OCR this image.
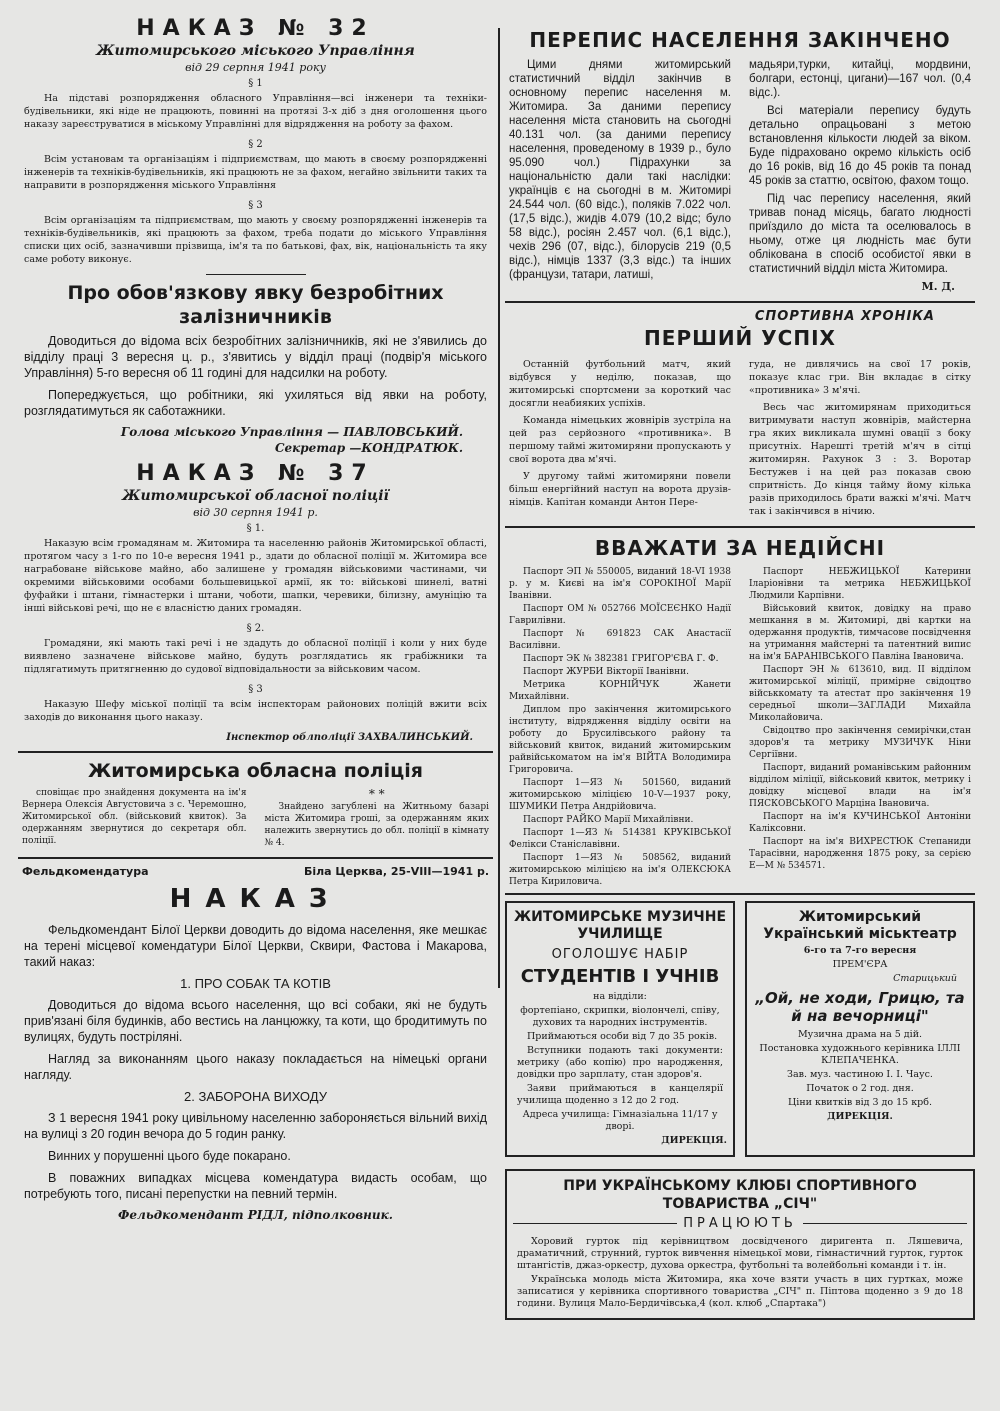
НАКАЗ № 32
Житомирського міського Управління
від 29 серпня 1941 року
§ 1

На підставі розпорядження обласного Управління—всі інженери та техніки-будівельники, які ніде не працюють, повинні на протязі 3-х діб з дня оголошення цього наказу зареєструватися в міському Управлінні для відрядження на роботу за фахом.

§ 2

Всім установам та організаціям і підприємствам, що мають в своєму розпорядженні інженерів та техніків-будівельників, які працюють не за фахом, негайно звільнити таких та направити в розпорядження міського Управління

§ 3

Всім організаціям та підприємствам, що мають у своєму розпорядженні інженерів та техніків-будівельників, які працюють за фахом, треба подати до міського Управління списки цих осіб, зазначивши прізвища, ім'я та по батькові, фах, вік, національність та яку саме роботу виконує.

Про обов'язкову явку безробітних залізничників

Доводиться до відома всіх безробітних залізничників, які не з'явились до відділу праці 3 вересня ц. р., з'явитись у відділ праці (подвір'я міського Управління) 5-го вересня об 11 годині для надсилки на роботу.

Попереджується, що робітники, які ухиляться від явки на роботу, розглядатимуться як саботажники.

Голова міського Управління — ПАВЛОВСЬКИЙ.
Секретар —КОНДРАТЮК.
НАКАЗ № 37
Житомирської обласної поліції
від 30 серпня 1941 р.
§ 1.

Наказую всім громадянам м. Житомира та населенню районів Житомирської області, протягом часу з 1-го по 10-е вересня 1941 р., здати до обласної поліції м. Житомира все награбоване військове майно, або залишене у громадян військовими частинами, чи окремими військовими особами большевицької армії, як то: військові шинелі, ватні фуфайки і штани, гімнастерки і штани, чоботи, шапки, черевики, білизну, амуніцію та інші військові речі, що не є власністю даних громадян.

§ 2.

Громадяни, які мають такі речі і не здадуть до обласної поліції і коли у них буде виявлено зазначене військове майно, будуть розглядатись як грабіжники та підлягатимуть притягненню до судової відповідальности за військовим часом.

§ 3

Наказую Шефу міської поліції та всім інспекторам районових поліцій вжити всіх заходів до виконання цього наказу.

Інспектор облполіції ЗАХВАЛИНСЬКИЙ.
Житомирська обласна поліція

сповіщає про знайдення документа на ім'я Вернера Олексія Августовича з с. Черемошно, Житомирської обл. (військовий квиток). За одержанням звернутися до секретаря обл. поліції.

* *

Знайдено загублені на Житньому базарі міста Житомира гроші, за одержанням яких належить звернутись до обл. поліції в кімнату № 4.

Фельдкомендатура	Біла Церква, 25-VIII—1941 р.
НАКАЗ

Фельдкомендант Білої Церкви доводить до відома населення, яке мешкає на терені місцевої комендатури Білої Церкви, Сквири, Фастова і Макарова, такий наказ:

1. ПРО СОБАК ТА КОТІВ

Доводиться до відома всього населення, що всі собаки, які не будуть прив'язані біля будинків, або вестись на ланцюжку, та коти, що бродитимуть по вулицях, будуть постріляні.

Нагляд за виконанням цього наказу покладається на німецькі органи нагляду.

2. ЗАБОРОНА ВИХОДУ

З 1 вересня 1941 року цивільному населенню забороняється вільний вихід на вулиці з 20 годин вечора до 5 годин ранку.

Винних у порушенні цього буде покарано.

В поважних випадках місцева комендатура видасть особам, що потребують того, писані перепустки на певний термін.

Фельдкомендант РІДЛ, підполковник.
ПЕРЕПИС НАСЕЛЕННЯ ЗАКІНЧЕНО

Цими днями житомирський статистичний відділ закінчив в основному перепис населення м. Житомира. За даними перепису населення міста становить на сьогодні 40.131 чол. (за даними перепису населення, проведеному в 1939 р., було 95.090 чол.) Підрахунки за національністю дали такі наслідки: українців є на сьогодні в м. Житомирі 24.544 чол. (60 відс.), поляків 7.022 чол. (17,5 відс.), жидів 4.079 (10,2 відс; було 58 відс.), росіян 2.457 чол. (6,1 відс.), чехів 296 (07, відс.), білорусів 219 (0,5 відс.), німців 1337 (3,3 відс.) та інших (французи, татари, латиші,

мадьяри,турки, китайці, мордвини, болгари, естонці, цигани)—167 чол. (0,4 відс.).

Всі матеріали перепису будуть детально опрацьовані з метою встановлення кількости людей за віком. Буде підраховано окремо кількість осіб до 16 років, від 16 до 45 років та понад 45 років за статтю, освітою, фахом тощо.

Під час перепису населення, який тривав понад місяць, багато людності приїздило до міста та оселювалось в ньому, отже ця людність має бути облікована в спосіб особистої явки в статистичний відділ міста Житомира.

М. Д.
СПОРТИВНА ХРОНІКА
ПЕРШИЙ УСПІХ

Останній футбольний матч, який відбувся у неділю, показав, що житомирські спортсмени за короткий час досягли неабияких успіхів.

Команда німецьких жовнірів зустріла на цей раз серйозного «противника». В першому таймі житомиряни пропускають у свої ворота два м'ячі.

У другому таймі житомиряни повели більш енергійний наступ на ворота друзів-німців. Капітан команди Антон Пере-

гуда, не дивлячись на свої 17 років, показує клас гри. Він вкладає в сітку «противника» 3 м'ячі.

Весь час житомирянам приходиться витримувати наступ жовнірів, майстерна гра яких викликала шумні овації з боку присутніх. Нарешті третій м'яч в сітці житомирян. Рахунок 3 : 3. Воротар Бестужев і на цей раз показав свою спритність. До кінця таймy йому кілька разів приходилось брати важкі м'ячі. Матч так і закінчився в нічию.

ВВАЖАТИ ЗА НЕДІЙСНІ

Паспорт ЭП № 550005, виданий 18-VI 1938 р. у м. Києві на ім'я СОРОКІНОЇ Марії Іванівни.

Паспорт ОМ № 052766 МОЇСЕЄНКО Надії Гаврилівни.

Паспорт № 691823 САК Анастасії Василівни.

Паспорт ЭК № 382381 ГРИГОР'ЄВА Г. Ф.

Паспорт ЖУРБИ Вікторії Іванівни.

Метрика КОРНІЙЧУК Жанети Михайлівни.

Диплом про закінчення житомирського інституту, відрядження відділу освіти на роботу до Брусилівського району та військовий квиток, виданий житомирським райвійськоматом на ім'я ВІЙТА Володимира Григоровича.

Паспорт 1—ЯЗ № 501560, виданий житомирською міліцією 10-V—1937 року, ШУМИКИ Петра Андрійовича.

Паспорт РАЙКО Марії Михайлівни.

Паспорт 1—ЯЗ № 514381 КРУКІВСЬКОЇ Фелікси Станіславівни.

Паспорт 1—ЯЗ № 508562, виданий житомирською міліцією на ім'я ОЛЕКСЮКА Петра Кириловича.

Паспорт НЕБЖИЦЬКОЇ Катерини Іларіонівни та метрика НЕБЖИЦЬКОЇ Людмили Карпівни.

Військовий квиток, довідку на право мешкання в м. Житомирі, дві картки на одержання продуктів, тимчасове посвідчення на утримання майстерні та патентний випис на ім'я БАРАНІВСЬКОГО Павліна Івановича.

Паспорт ЭН № 613610, вид. II відділом житомирської міліції, примірне свідоцтво військкомату та атестат про закінчення 19 середньої школи—ЗАГЛАДИ Михайла Миколайовича.

Свідоцтво про закінчення семирічки,стан здоров'я та метрику МУЗИЧУК Ніни Сергіївни.

Паспорт, виданий романівським районним відділом міліції, військовий квиток, метрику і довідку місцевої влади на ім'я ПЯСКОВСЬКОГО Марціна Івановича.

Паспорт на ім'я КУЧИНСЬКОЇ Антоніни Каліксовни.

Паспорт на ім'я ВИХРЕСТЮК Степаниди Тарасівни, народження 1875 року, за серією Е—М № 534571.

ЖИТОМИРСЬКЕ МУЗИЧНЕ УЧИЛИЩЕ
ОГОЛОШУЄ НАБІР
СТУДЕНТІВ І УЧНІВ
на відділи:
фортепіано, скрипки, віолончелі, співу, духових та народних інструментів.
Приймаються особи від 7 до 35 років.
Вступники подають такі документи: метрику (або копію) про народження, довідки про зарплату, стан здоров'я.
Заяви приймаються в канцелярії училища щоденно з 12 до 2 год.
Адреса училища: Гімназіальна 11/17 у дворі.
ДИРЕКЦІЯ.
Житомирський Український міськтеатр
6-го та 7-го вересня
ПРЕМ'ЄРА
Старицький
„Ой, не ходи, Грицю, та й на вечорниці"
Музична драма на 5 дій.
Постановка художнього керівника ІЛЛІ КЛЕПАЧЕНКА.
Зав. муз. частиною І. І. Чаус.
Початок о 2 год. дня.
Ціни квитків від 3 до 15 крб.
ДИРЕКЦІЯ.
ПРИ УКРАЇНСЬКОМУ КЛЮБІ СПОРТИВНОГО ТОВАРИСТВА „СІЧ"
ПРАЦЮЮТЬ

Хоровий гурток під керівництвом досвідченого диригента п. Ляшевича, драматичний, струнний, гурток вивчення німецької мови, гімнастичний гурток, гурток штангістів, джаз-оркестр, духова оркестра, футбольні та волейбольні команди і т. ін.

Українська молодь міста Житомира, яка хоче взяти участь в цих гуртках, може записатися у керівника спортивного товариства „СІЧ" п. Піптова щоденно з 9 до 18 години. Вулиця Мало-Бердичівська,4 (кол. клюб „Спартака")
